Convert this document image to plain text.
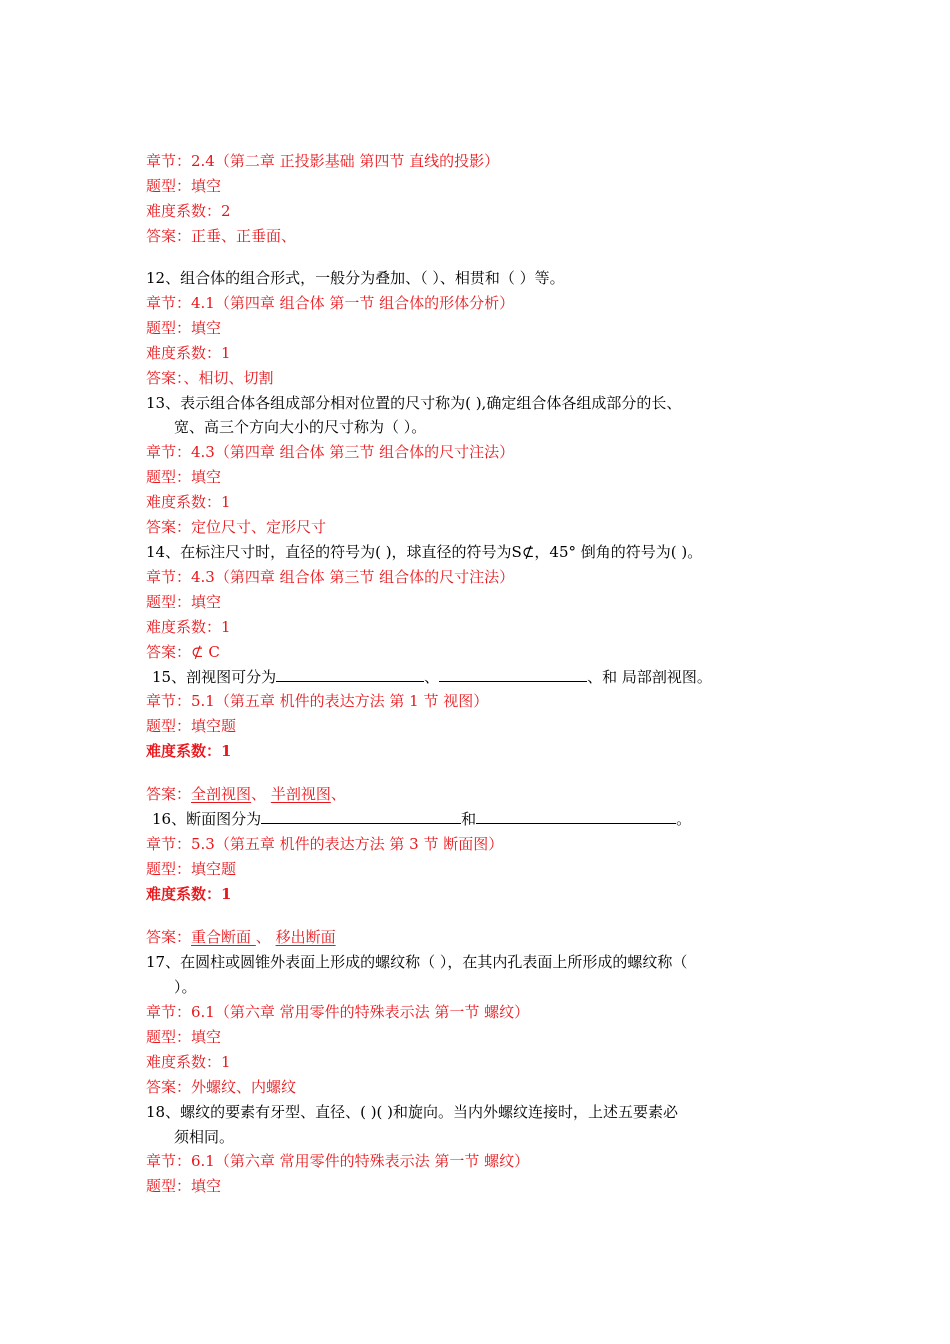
章节：2.4（第二章 正投影基础 第四节 直线的投影）
题型：填空
难度系数：2
答案：正垂、正垂面、
12、组合体的组合形式，一般分为叠加、（ ）、相贯和（ ）等。
章节：4.1（第四章 组合体 第一节 组合体的形体分析）
题型：填空
难度系数：1
答案：、相切、切割
13、表示组合体各组成部分相对位置的尺寸称为( ),确定组合体各组成部分的长、
宽、高三个方向大小的尺寸称为（ ）。
章节：4.3（第四章 组合体 第三节 组合体的尺寸注法）
题型：填空
难度系数：1
答案：定位尺寸、定形尺寸
14、在标注尺寸时，直径的符号为( )，球直径的符号为S⊄，45° 倒角的符号为( )。
章节：4.3（第四章 组合体 第三节 组合体的尺寸注法）
题型：填空
难度系数：1
答案：⊄ C
15、剖视图可分为	、	、和 局部剖视图。
章节：5.1（第五章 机件的表达方法 第 1 节 视图）
题型：填空题
难度系数：1
答案：全剖视图、 半剖视图、
16、断面图分为	和	。
章节：5.3（第五章 机件的表达方法 第 3 节 断面图）
题型：填空题
难度系数：1
答案：重合断面 、 移出断面
17、在圆柱或圆锥外表面上形成的螺纹称（ ），在其内孔表面上所形成的螺纹称（
）。
章节：6.1（第六章 常用零件的特殊表示法 第一节 螺纹）
题型：填空
难度系数：1
答案：外螺纹、内螺纹
18、螺纹的要素有牙型、直径、( )( )和旋向。当内外螺纹连接时，上述五要素必
须相同。
章节：6.1（第六章 常用零件的特殊表示法 第一节 螺纹）
题型：填空
